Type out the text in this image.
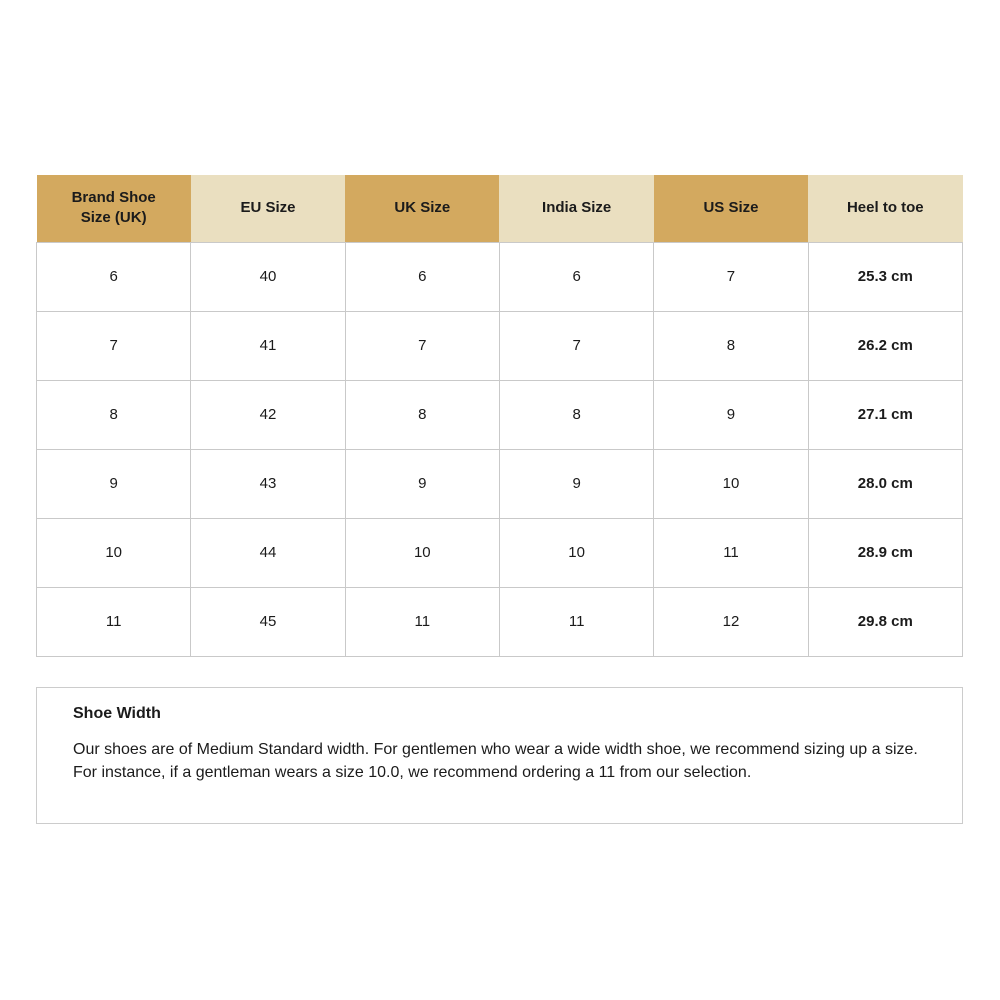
Brand Shoe Size (UK)	EU Size	UK Size	India Size	US Size	Heel to toe
6	40	6	6	7	25.3 cm
7	41	7	7	8	26.2 cm
8	42	8	8	9	27.1 cm
9	43	9	9	10	28.0 cm
10	44	10	10	11	28.9 cm
11	45	11	11	12	29.8 cm
Shoe Width

Our shoes are of Medium Standard width. For gentlemen who wear a wide width shoe, we recommend sizing up a size. For instance, if a gentleman wears a size 10.0, we recommend ordering a 11 from our selection.
